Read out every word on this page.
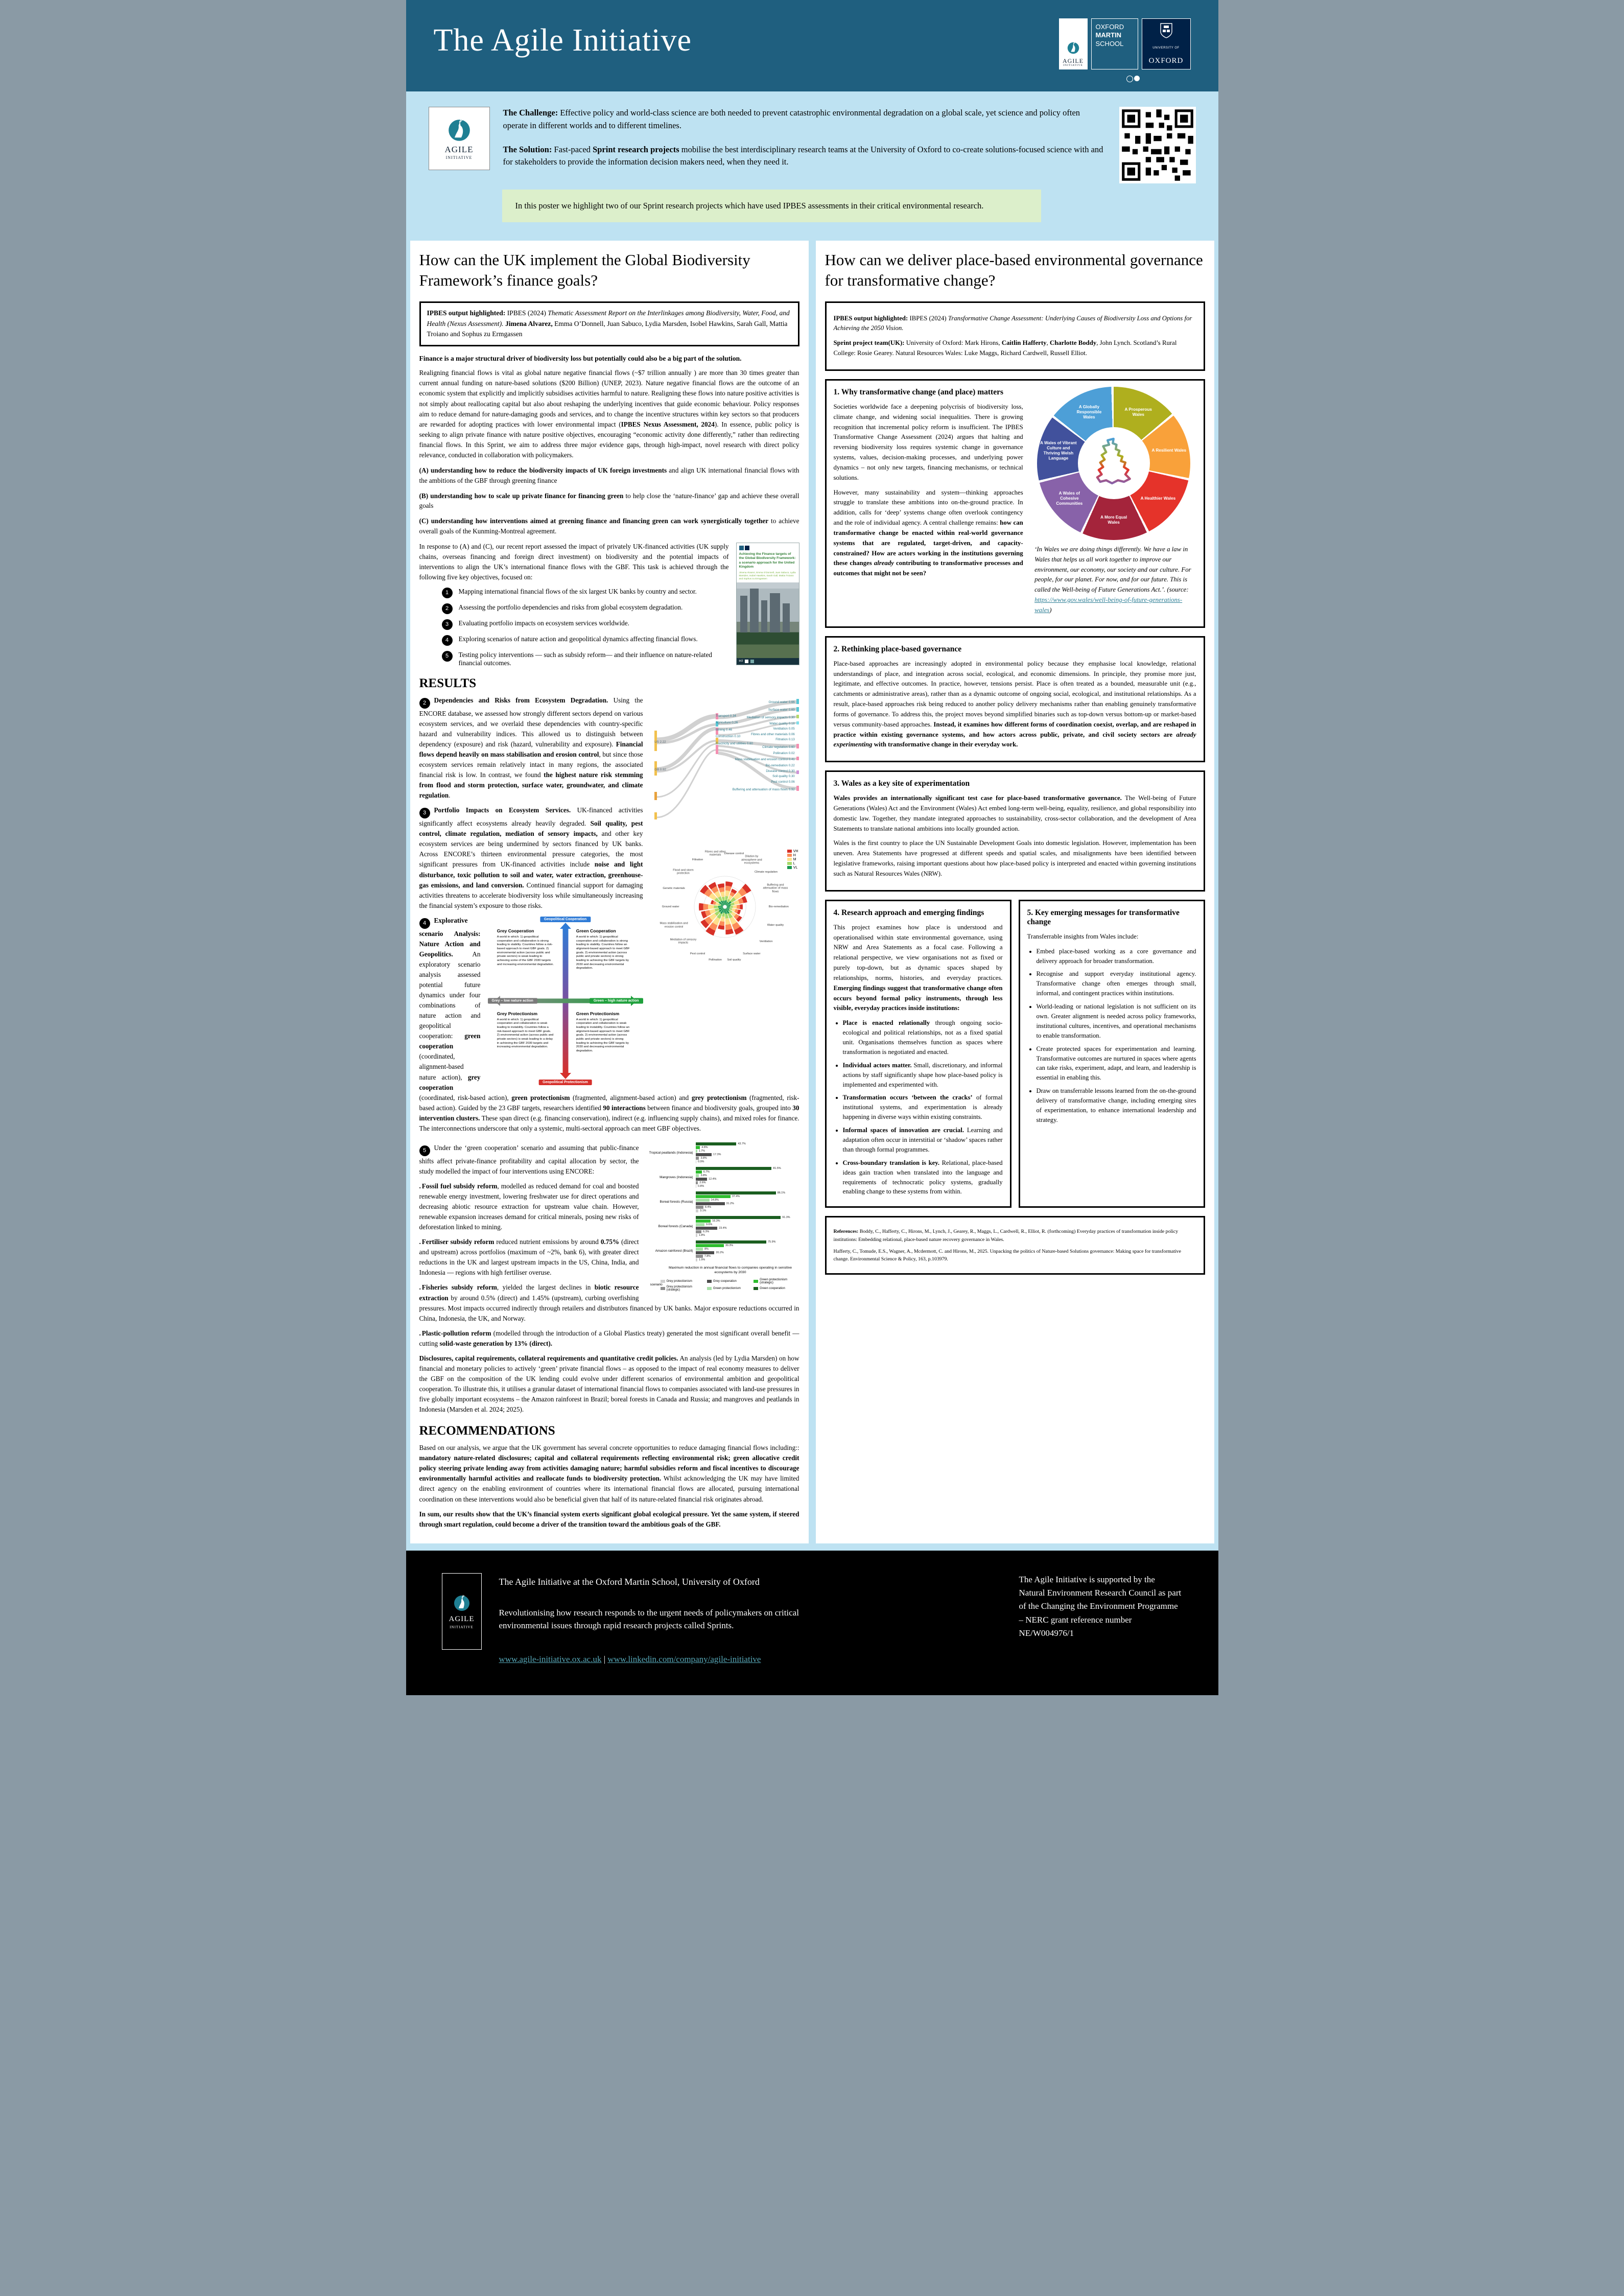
The Agile Initiative
AGILE
INITIATIVE
OXFORD
MARTIN
SCHOOL
UNIVERSITY OF
OXFORD
AGILE
INITIATIVE

The Challenge: Effective policy and world-class science are both needed to prevent catastrophic environmental degradation on a global scale, yet science and policy often operate in different worlds and to different timelines.

The Solution: Fast-paced Sprint research projects mobilise the best interdisciplinary research teams at the University of Oxford to co-create solutions-focused science with and for stakeholders to provide the information decision makers need, when they need it.

In this poster we highlight two of our Sprint research projects which have used IPBES assessments in their critical environmental research.
How can the UK implement the Global Biodiversity Framework’s finance goals?

IPBES output highlighted: IPBES (2024) Thematic Assessment Report on the Interlinkages among Biodiversity, Water, Food, and Health (Nexus Assessment). Jimena Alvarez, Emma O’Donnell, Juan Sabuco, Lydia Marsden, Isobel Hawkins, Sarah Gall, Mattia Troiano and Sophus zu Ermgassen

Finance is a major structural driver of biodiversity loss but potentially could also be a big part of the solution.

Realigning financial flows is vital as global nature negative financial flows (~$7 trillion annually ) are more than 30 times greater than current annual funding on nature-based solutions ($200 Billion) (UNEP, 2023). Nature negative financial flows are the outcome of an economic system that explicitly and implicitly subsidises activities harmful to nature. Realigning these flows into nature positive activities is not simply about reallocating capital but also about reshaping the underlying incentives that guide economic behaviour. Policy responses aim to reduce demand for nature-damaging goods and services, and to change the incentive structures within key sectors so that producers are rewarded for adopting practices with lower environmental impact (IPBES Nexus Assessment, 2024). In essence, public policy is seeking to align private finance with nature positive objectives, encouraging “economic activity done differently,” rather than redirecting financial flows. In this Sprint, we aim to address three major evidence gaps, through high-impact, novel research with direct policy relevance, conducted in collaboration with policymakers.

(A) understanding how to reduce the biodiversity impacts of UK foreign investments and align UK international financial flows with the ambitions of the GBF through greening finance

(B) understanding how to scale up private finance for financing green to help close the ‘nature-finance’ gap and achieve these overall goals

(C) understanding how interventions aimed at greening finance and financing green can work synergistically together to achieve overall goals of the Kunming-Montreal agreement.

Achieving the Finance targets of the Global Biodiversity Framework: a scenario approach for the United Kingdom
Jimena Alvarez, Emma O’Donnell, Juan Sabuco, Lydia Marsden, Isobel Hawkins, Sarah Gall, Mattia Troiano and Sophus zu Ermgassen
eci

In response to (A) and (C), our recent report assessed the impact of privately UK-financed activities (UK supply chains, overseas financing and foreign direct investment) on biodiversity and the potential impacts of interventions to align the UK’s international finance flows with the GBF. This task is achieved through the following five key objectives, focused on:

1	Mapping international financial flows of the six largest UK banks by country and sector.
2	Assessing the portfolio dependencies and risks from global ecosystem degradation.
3	Evaluating portfolio impacts on ecosystem services worldwide.
4	Exploring scenarios of nature action and geopolitical dynamics affecting financial flows.
5	Testing policy interventions — such as subsidy reform— and their influence on nature-related financial outcomes.
RESULTS
US 2.22
GB 0.92
Transport 0.34
Agriculture 0.26
Mining 0.46
Construction 0.10
Electricity and utilities 0.60
Ground water 0.66
Surface water 0.69
Mediation of sensory impacts 0.30
Water quality 0.18
Ventilation 0.05
Fibres and other materials 0.06
Filtration 0.13
Climate regulation 0.60
Pollination 0.02
Mass stabilisation and erosion control 0.41
Bio-remediation 0.22
Disease control 0.30
Soil quality 0.30
Pest control 0.06
Buffering and attenuation of mass flows 0.92
Disease control
Dilution by atmosphere and ecosystems
Climate regulation
Buffering and attenuation of mass flows
Bio-remediation
Water quality
Ventilation
Surface water
Soil quality
Pollination
Pest control
Mediation of sensory impacts
Mass stabilisation and erosion control
Ground water
Genetic materials
Flood and storm protection
Filtration
Fibres and other materials
VH
H
M
L
VL

2 Dependencies and Risks from Ecosystem Degradation. Using the ENCORE database, we assessed how strongly different sectors depend on various ecosystem services, and we overlaid these dependencies with country-specific hazard and vulnerability indices. This allowed us to distinguish between dependency (exposure) and risk (hazard, vulnerability and exposure). Financial flows depend heavily on mass stabilisation and erosion control, but since those ecosystem services remain relatively intact in many regions, the associated financial risk is low. In contrast, we found the highest nature risk stemming from flood and storm protection, surface water, groundwater, and climate regulation.

3 Portfolio Impacts on Ecosystem Services. UK-financed activities significantly affect ecosystems already heavily degraded. Soil quality, pest control, climate regulation, mediation of sensory impacts, and other key ecosystem services are being undermined by sectors financed by UK banks. Across ENCORE’s thirteen environmental pressure categories, the most significant pressures from UK-financed activities include noise and light disturbance, toxic pollution to soil and water, water extraction, greenhouse-gas emissions, and land conversion. Continued financial support for damaging activities threatens to accelerate biodiversity loss while simultaneously increasing the financial system’s exposure to those risks.

Geopolitical Cooperation
Geopolitical Protectionism
Grey – low nature action	Green – high nature action
Grey Cooperation
A world in which: 1) geopolitical cooperation and collaboration is strong leading to stability. Countries follow a risk-based approach to meet GBF goals. 2) environmental action (across public and private sectors) is weak leading to achieving some of the GBF 2030 targets and increasing environmental degradation.
Green Cooperation
A world in which: 1) geopolitical cooperation and collaboration is strong leading to stability. Countries follow an alignment-based approach to meet GBF goals. 2) environmental action (across public and private sectors) is strong leading to achieving the GBF targets by 2030 and decreasing environmental degradation.
Grey Protectionism
A world in which: 1) geopolitical cooperation and collaboration is weak leading to instability. Countries follow a risk-based approach to meet GBF goals. 2) environmental action (across public and private sectors) is weak leading to a delay in achieving the GBF 2030 targets and increasing environmental degradation.
Green Protectionism
A world in which: 1) geopolitical cooperation and collaboration is weak leading to instability. Countries follow an alignment-based approach to meet GBF goals. 2) environmental action (across public and private sectors) is strong leading to achieving the GBF targets by 2030 and decreasing environmental degradation.

4 Explorative scenario Analysis: Nature Action and Geopolitics. An exploratory scenario analysis assessed potential future dynamics under four combinations of nature action and geopolitical cooperation: green cooperation (coordinated, alignment-based nature action), grey cooperation (coordinated, risk-based action), green protectionism (fragmented, alignment-based action) and grey protectionism (fragmented, risk-based action). Guided by the 23 GBF targets, researchers identified 90 interactions between finance and biodiversity goals, grouped into 30 intervention clusters. These span direct (e.g. financing conservation), indirect (e.g. influencing supply chains), and mixed roles for finance. The interconnections underscore that only a systemic, multi-sectoral approach can meet GBF objectives.

Tropical peatlands (Indonesia)
43.7%
4.8%
1.7%
17.3%
3.8%
0.9%
Mangroves (Indonesia)
81.5%
6.7%
3.8%
12.4%
2.6%
0.8%
Boreal forests (Russia)
86.1%
37.4%
14.8%
31.2%
8.4%
3.1%
Boreal forests (Canada)
91.3%
16.3%
9.6%
23.4%
6.3%
1.8%
Amazon rainforest (Brazil)
75.9%
30.3%
8%
20.2%
7.8%
1.9%
Maximum reduction in annual financial flows to companies operating in sensitive ecosystems by 2030
scenario
Grey protectionism	Grey cooperation	Green protectionism (strategic)
Grey protectionism (strategic)	Green protectionism	Green cooperation

5 Under the ‘green cooperation’ scenario and assuming that public-finance shifts affect private-finance profitability and capital allocation by sector, the study modelled the impact of four interventions using ENCORE:

. Fossil fuel subsidy reform, modelled as reduced demand for coal and boosted renewable energy investment, lowering freshwater use for direct operations and decreasing abiotic resource extraction for upstream value chain. However, renewable expansion increases demand for critical minerals, posing new risks of deforestation linked to mining.

. Fertiliser subsidy reform reduced nutrient emissions by around 0.75% (direct and upstream) across portfolios (maximum of ~2%, bank 6), with greater direct reductions in the UK and largest upstream impacts in the US, China, India, and Indonesia — regions with high fertiliser overuse.

. Fisheries subsidy reform, yielded the largest declines in biotic resource extraction by around 0.5% (direct) and 1.45% (upstream), curbing overfishing pressures. Most impacts occurred indirectly through retailers and distributors financed by UK banks. Major exposure reductions occurred in China, Indonesia, the UK, and Norway.

. Plastic-pollution reform (modelled through the introduction of a Global Plastics treaty) generated the most significant overall benefit — cutting solid-waste generation by 13% (direct).

Disclosures, capital requirements, collateral requirements and quantitative credit policies. An analysis (led by Lydia Marsden) on how financial and monetary policies to actively ‘green’ private financial flows – as opposed to the impact of real economy measures to deliver the GBF on the composition of the UK lending could evolve under different scenarios of environmental ambition and geopolitical cooperation. To illustrate this, it utilises a granular dataset of international financial flows to companies associated with land-use pressures in five globally important ecosystems – the Amazon rainforest in Brazil; boreal forests in Canada and Russia; and mangroves and peatlands in Indonesia (Marsden et al. 2024; 2025).

RECOMMENDATIONS

Based on our analysis, we argue that the UK government has several concrete opportunities to reduce damaging financial flows including:: mandatory nature-related disclosures; capital and collateral requirements reflecting environmental risk; green allocative credit policy steering private lending away from activities damaging nature; harmful subsidies reform and fiscal incentives to discourage environmentally harmful activities and reallocate funds to biodiversity protection. Whilst acknowledging the UK may have limited direct agency on the enabling environment of countries where its international financial flows are allocated, pursuing international coordination on these interventions would also be beneficial given that half of its nature-related financial risk originates abroad.

In sum, our results show that the UK’s financial system exerts significant global ecological pressure. Yet the same system, if steered through smart regulation, could become a driver of the transition toward the ambitious goals of the GBF.

How can we deliver place-based environmental governance for transformative change?

IPBES output highlighted: IBPES (2024) Transformative Change Assessment: Underlying Causes of Biodiversity Loss and Options for Achieving the 2050 Vision.

Sprint project team(UK): University of Oxford: Mark Hirons, Caitlin Hafferty, Charlotte Boddy, John Lynch. Scotland’s Rural College: Rosie Gearey. Natural Resources Wales: Luke Maggs, Richard Cardwell, Russell Elliot.

1. Why transformative change (and place) matters

Societies worldwide face a deepening polycrisis of biodiversity loss, climate change, and widening social inequalities. There is growing recognition that incremental policy reform is insufficient. The IPBES Transformative Change Assessment (2024) argues that halting and reversing biodiversity loss requires systemic change in governance systems, values, decision-making processes, and underlying power dynamics – not only new targets, financing mechanisms, or technical solutions.

However, many sustainability and system—thinking approaches struggle to translate these ambitions into on-the-ground practice. In addition, calls for ‘deep’ systems change often overlook contingency and the role of individual agency. A central challenge remains: how can transformative change be enacted within real-world governance systems that are regulated, target-driven, and capacity-constrained? How are actors working in the institutions governing these changes already contributing to transformative processes and outcomes that might not be seen?

A Prosperous Wales
A Resilient Wales
A Healthier Wales
A More Equal Wales
A Wales of Cohesive Communities
A Wales of Vibrant Culture and Thriving Welsh Language
A Globally Responsible Wales

‘In Wales we are doing things differently. We have a law in Wales that helps us all work together to improve our environment, our economy, our society and our culture. For people, for our planet. For now, and for our future. This is called the Well-being of Future Generations Act.’. (source: https://www.gov.wales/well-being-of-future-generations-wales)

2. Rethinking place-based governance

Place-based approaches are increasingly adopted in environmental policy because they emphasise local knowledge, relational understandings of place, and integration across social, ecological, and economic dimensions. In principle, they promise more just, legitimate, and effective outcomes. In practice, however, tensions persist. Place is often treated as a bounded, measurable unit (e.g., catchments or administrative areas), rather than as a dynamic outcome of ongoing social, ecological, and institutional relationships. As a result, place-based approaches risk being reduced to another policy delivery mechanisms rather than enabling genuinely transformative forms of governance. To address this, the project moves beyond simplified binaries such as top-down versus bottom-up or market-based versus community-based approaches. Instead, it examines how different forms of coordination coexist, overlap, and are reshaped in practice within existing governance systems, and how actors across public, private, and civil society sectors are already experimenting with transformative change in their everyday work.

3. Wales as a key site of experimentation

Wales provides an internationally significant test case for place-based transformative governance. The Well-being of Future Generations (Wales) Act and the Environment (Wales) Act embed long-term well-being, equality, resilience, and global responsibility into domestic law. Together, they mandate integrated approaches to sustainability, cross-sector collaboration, and the development of Area Statements to translate national ambitions into locally grounded action.

Wales is the first country to place the UN Sustainable Development Goals into domestic legislation. However, implementation has been uneven. Area Statements have progressed at different speeds and spatial scales, and misalignments have been identified between legislative frameworks, raising important questions about how place-based policy is interpreted and enacted within governing institutions such as Natural Resources Wales (NRW).

4. Research approach and emerging findings

This project examines how place is understood and operationalised within state environmental governance, using NRW and Area Statements as a focal case. Following a relational perspective, we view organisations not as fixed or purely top-down, but as dynamic spaces shaped by relationships, norms, histories, and everyday practices. Emerging findings suggest that transformative change often occurs beyond formal policy instruments, through less visible, everyday practices inside institutions:

• Place is enacted relationally through ongoing socio-ecological and political relationships, not as a fixed spatial unit. Organisations themselves function as spaces where transformation is negotiated and enacted.
• Individual actors matter. Small, discretionary, and informal actions by staff significantly shape how place-based policy is implemented and experimented with.
• Transformation occurs ‘between the cracks’ of formal institutional systems, and experimentation is already happening in diverse ways within existing constraints.
• Informal spaces of innovation are crucial. Learning and adaptation often occur in interstitial or ‘shadow’ spaces rather than through formal programmes.
• Cross-boundary translation is key. Relational, place-based ideas gain traction when translated into the language and requirements of technocratic policy systems, gradually enabling change to these systems from within.
5. Key emerging messages for transformative change

Transferrable insights from Wales include:

• Embed place-based working as a core governance and delivery approach for broader transformation.
• Recognise and support everyday institutional agency. Transformative change often emerges through small, informal, and contingent practices within institutions.
• World-leading or national legislation is not sufficient on its own. Greater alignment is needed across policy frameworks, institutional cultures, incentives, and operational mechanisms to enable transformation.
• Create protected spaces for experimentation and learning. Transformative outcomes are nurtured in spaces where agents can take risks, experiment, adapt, and learn, and leadership is essential in enabling this.
• Draw on transferrable lessons learned from the on-the-ground delivery of transformative change, including emerging sites of experimentation, to enhance international leadership and strategy.

References: Boddy, C., Hafferty, C., Hirons, M., Lynch, J., Gearey, R., Maggs, L., Cardwell, R., Elliot, R. (forthcoming) Everyday practices of transformation inside policy institutions: Embedding relational, place-based nature recovery governance in Wales.

Hafferty, C., Tomude, E.S., Wagner, A., Mcdermott, C. and Hirons, M., 2025. Unpacking the politics of Nature-based Solutions governance: Making space for transformative change. Environmental Science & Policy, 163, p.103979.

AGILE
INITIATIVE
The Agile Initiative at the Oxford Martin School, University of Oxford
Revolutionising how research responds to the urgent needs of policymakers on critical environmental issues through rapid research projects called Sprints.
www.agile-initiative.ox.ac.uk | www.linkedin.com/company/agile-initiative
The Agile Initiative is supported by the Natural Environment Research Council as part of the Changing the Environment Programme – NERC grant reference number NE/W004976/1
